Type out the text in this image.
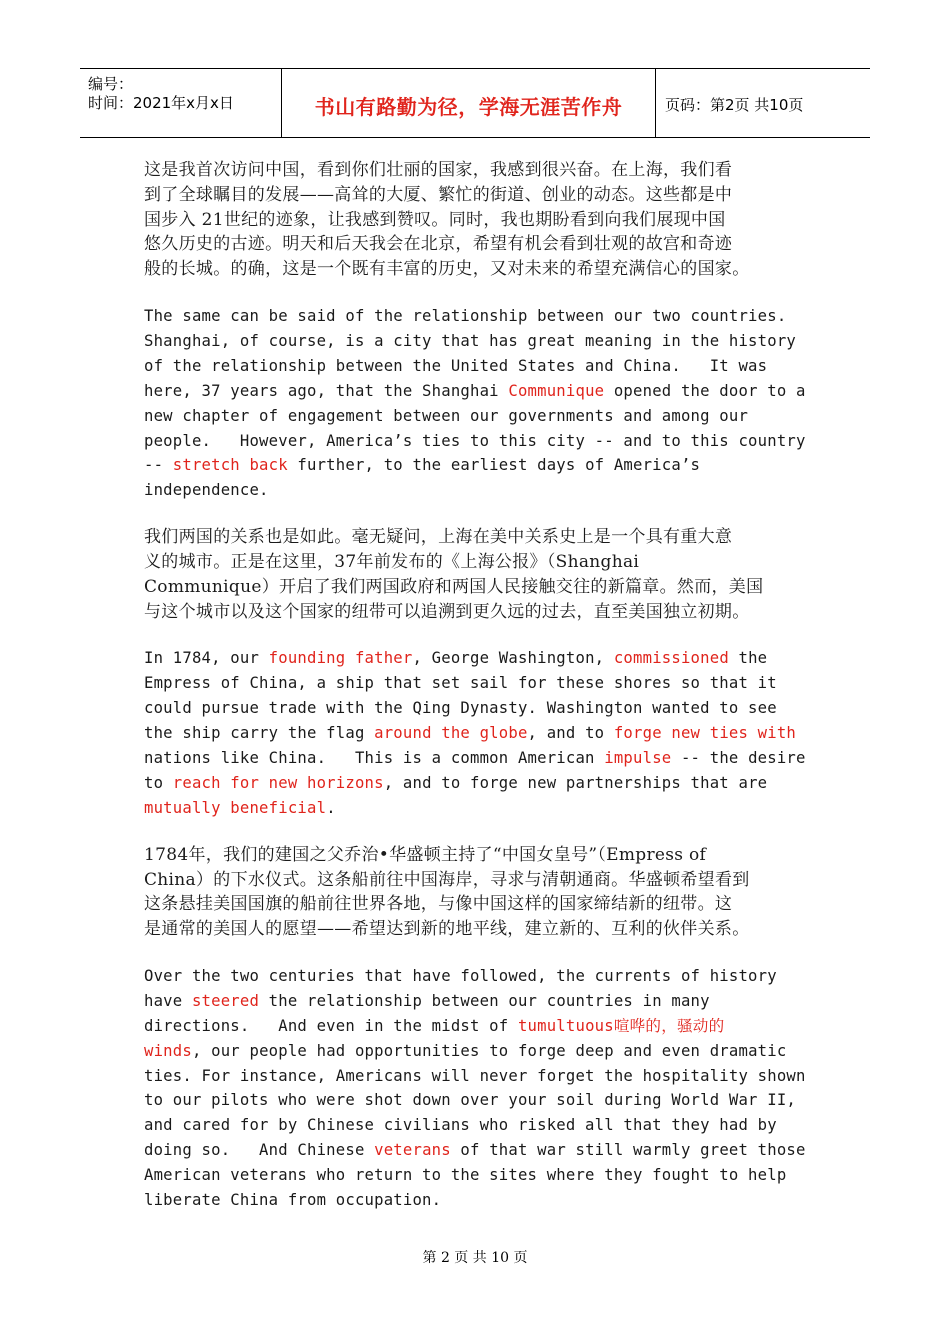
编号：
时间：2021年x月x日	书山有路勤为径，学海无涯苦作舟	页码：第2页 共10页
这是我首次访问中国，看到你们壮丽的国家，我感到很兴奋。在上海，我们看
到了全球瞩目的发展——高耸的大厦、繁忙的街道、创业的动态。这些都是中
国步入 21世纪的迹象，让我感到赞叹。同时，我也期盼看到向我们展现中国
悠久历史的古迹。明天和后天我会在北京，希望有机会看到壮观的故宫和奇迹
般的长城。的确，这是一个既有丰富的历史，又对未来的希望充满信心的国家。
The same can be said of the relationship between our two countries.
Shanghai, of course, is a city that has great meaning in the history
of the relationship between the United States and China.   It was
here, 37 years ago, that the Shanghai Communique opened the door to a
new chapter of engagement between our governments and among our
people.   However, America’s ties to this city -- and to this country
-- stretch back further, to the earliest days of America’s
independence.
我们两国的关系也是如此。毫无疑问，上海在美中关系史上是一个具有重大意
义的城市。正是在这里，37年前发布的《上海公报》（Shanghai
Communique）开启了我们两国政府和两国人民接触交往的新篇章。然而，美国
与这个城市以及这个国家的纽带可以追溯到更久远的过去，直至美国独立初期。
In 1784, our founding father, George Washington, commissioned the
Empress of China, a ship that set sail for these shores so that it
could pursue trade with the Qing Dynasty. Washington wanted to see
the ship carry the flag around the globe, and to forge new ties with
nations like China.   This is a common American impulse -- the desire
to reach for new horizons, and to forge new partnerships that are
mutually beneficial.
1784年，我们的建国之父乔治•华盛顿主持了“中国女皇号”（Empress of
China）的下水仪式。这条船前往中国海岸，寻求与清朝通商。华盛顿希望看到
这条悬挂美国国旗的船前往世界各地，与像中国这样的国家缔结新的纽带。这
是通常的美国人的愿望——希望达到新的地平线，建立新的、互利的伙伴关系。
Over the two centuries that have followed, the currents of history
have steered the relationship between our countries in many
directions.   And even in the midst of tumultuous喧哗的，骚动的
winds, our people had opportunities to forge deep and even dramatic
ties. For instance, Americans will never forget the hospitality shown
to our pilots who were shot down over your soil during World War II,
and cared for by Chinese civilians who risked all that they had by
doing so.   And Chinese veterans of that war still warmly greet those
American veterans who return to the sites where they fought to help
liberate China from occupation.
第 2 页 共 10 页
